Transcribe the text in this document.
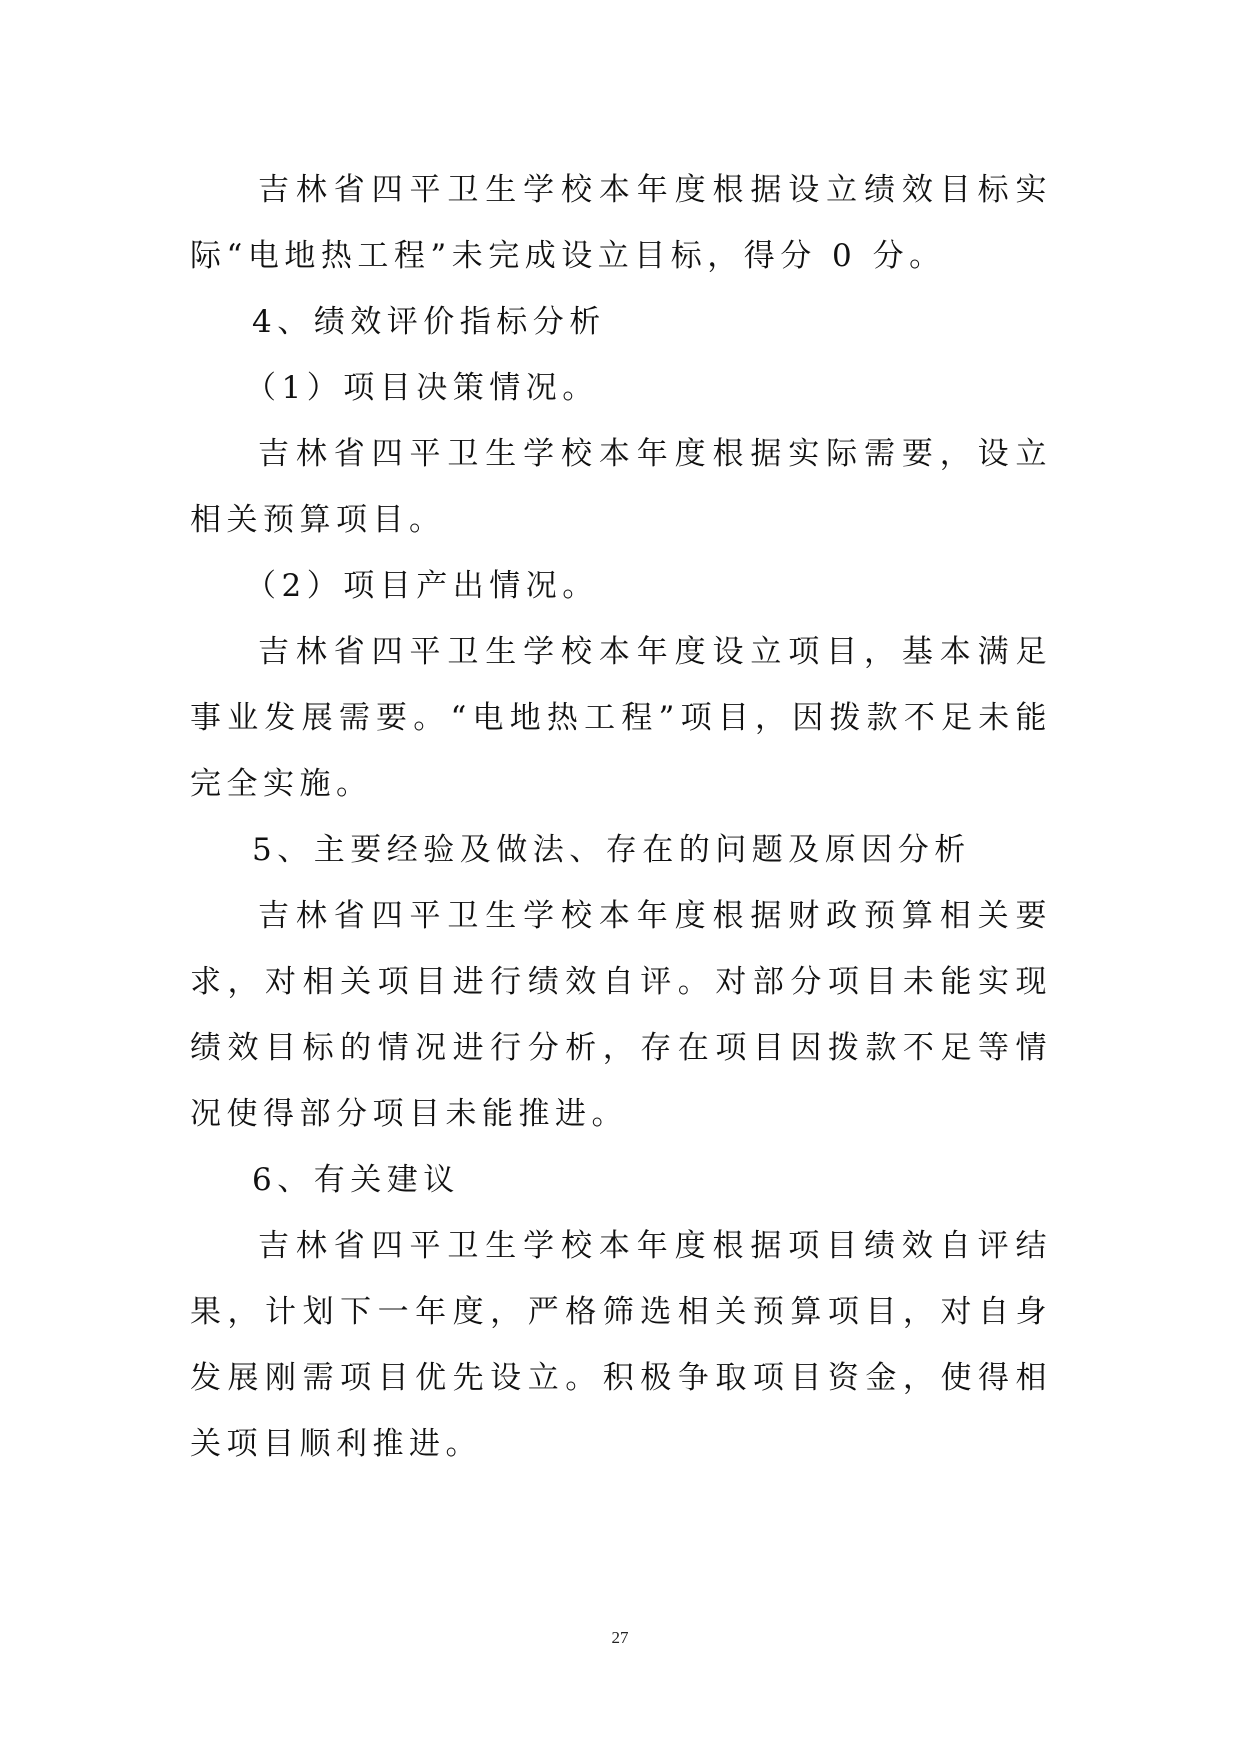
吉林省四平卫生学校本年度根据设立绩效目标实际“电地热工程”未完成设立目标，得分 0 分。

4、绩效评价指标分析

（1）项目决策情况。

吉林省四平卫生学校本年度根据实际需要，设立相关预算项目。

（2）项目产出情况。

吉林省四平卫生学校本年度设立项目，基本满足事业发展需要。“电地热工程”项目，因拨款不足未能完全实施。

5、主要经验及做法、存在的问题及原因分析

吉林省四平卫生学校本年度根据财政预算相关要求，对相关项目进行绩效自评。对部分项目未能实现绩效目标的情况进行分析，存在项目因拨款不足等情况使得部分项目未能推进。

6、有关建议

吉林省四平卫生学校本年度根据项目绩效自评结果，计划下一年度，严格筛选相关预算项目，对自身发展刚需项目优先设立。积极争取项目资金，使得相关项目顺利推进。

27
